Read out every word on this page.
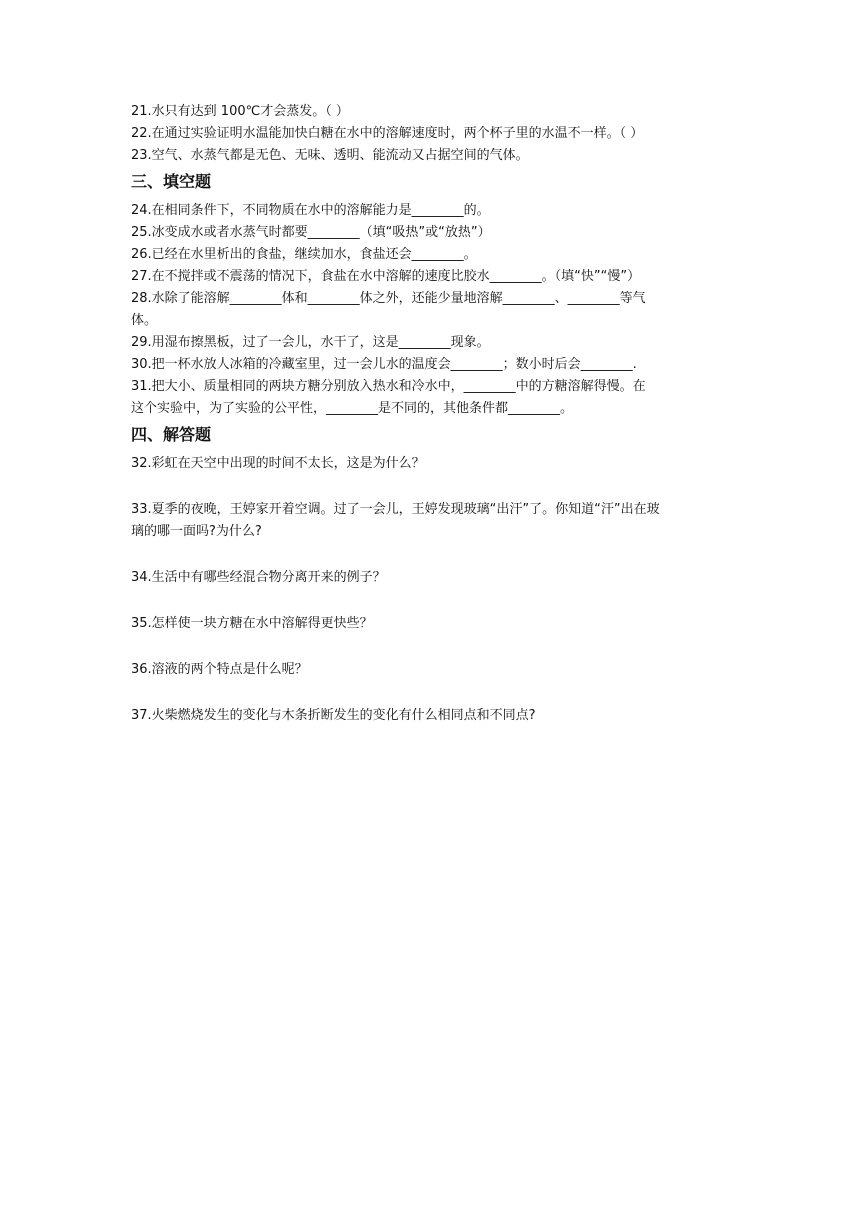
21.水只有达到 100℃才会蒸发。（ ）
22.在通过实验证明水温能加快白糖在水中的溶解速度时，两个杯子里的水温不一样。（ ）
23.空气、水蒸气都是无色、无味、透明、能流动又占据空间的气体。
三、填空题
24.在相同条件下，不同物质在水中的溶解能力是________的。
25.冰变成水或者水蒸气时都要________（填“吸热”或“放热”）
26.已经在水里析出的食盐，继续加水，食盐还会________。
27.在不搅拌或不震荡的情况下，食盐在水中溶解的速度比胶水________。（填“快”“慢”）
28.水除了能溶解________体和________体之外，还能少量地溶解________、________等气
体。
29.用湿布擦黑板，过了一会儿，水干了，这是________现象。
30.把一杯水放人冰箱的冷藏室里，过一会儿水的温度会________；数小时后会________.
31.把大小、质量相同的两块方糖分别放入热水和冷水中，________中的方糖溶解得慢。在
这个实验中，为了实验的公平性，________是不同的，其他条件都________。
四、解答题
32.彩虹在天空中出现的时间不太长，这是为什么？
33.夏季的夜晚，王婷家开着空调。过了一会儿，王婷发现玻璃“出汗”了。你知道“汗”出在玻
璃的哪一面吗?为什么?
34.生活中有哪些经混合物分离开来的例子？
35.怎样使一块方糖在水中溶解得更快些？
36.溶液的两个特点是什么呢？
37.火柴燃烧发生的变化与木条折断发生的变化有什么相同点和不同点?
